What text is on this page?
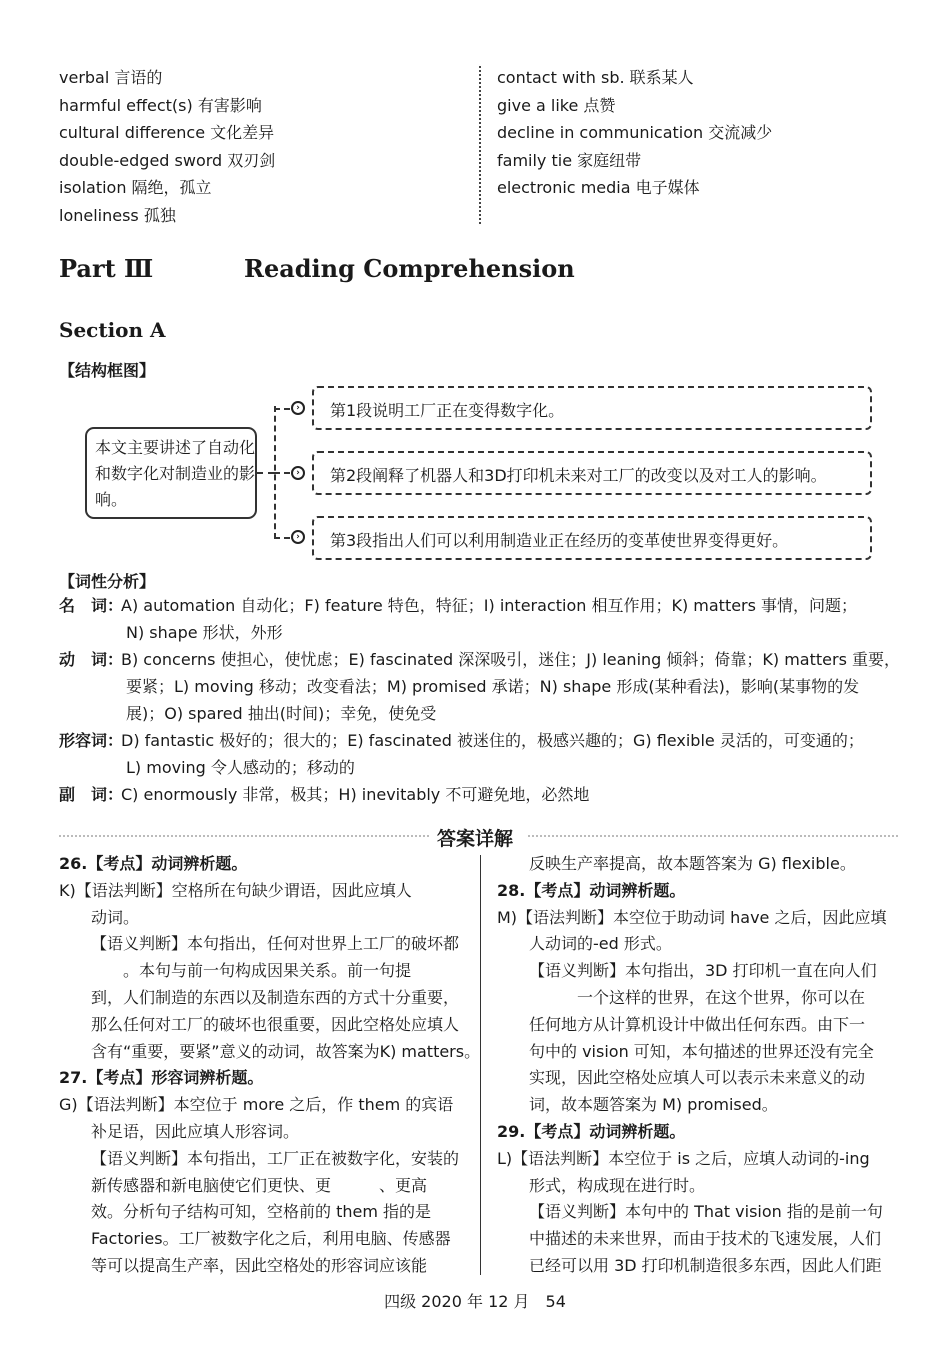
verbal 言语的
harmful effect(s) 有害影响
cultural difference 文化差异
double-edged sword 双刃剑
isolation 隔绝，孤立
loneliness 孤独
contact with sb. 联系某人
give a like 点赞
decline in communication 交流减少
family tie 家庭纽带
electronic media 电子媒体
Part Ⅲ	Reading Comprehension
Section A
【结构框图】
本文主要讲述了自动化和数字化对制造业的影响。
›
›
›
第1段说明工厂正在变得数字化。
第2段阐释了机器人和3D打印机未来对工厂的改变以及对工人的影响。
第3段指出人们可以利用制造业正在经历的变革使世界变得更好。
【词性分析】
名　词：
A) automation 自动化；F) feature 特色，特征；I) interaction 相互作用；K) matters 事情，问题；
N) shape 形状，外形
动　词：
B) concerns 使担心，使忧虑；E) fascinated 深深吸引，迷住；J) leaning 倾斜；倚靠；K) matters 重要，
要紧；L) moving 移动；改变看法；M) promised 承诺；N) shape 形成(某种看法)，影响(某事物的发
展)；O) spared 抽出(时间)；幸免，使免受
形容词：
D) fantastic 极好的；很大的；E) fascinated 被迷住的，极感兴趣的；G) flexible 灵活的，可变通的；
L) moving 令人感动的；移动的
副　词：
C) enormously 非常，极其；H) inevitably 不可避免地，必然地
答案详解
26.【考点】动词辨析题。
K)【语法判断】空格所在句缺少谓语，因此应填人
动词。
【语义判断】本句指出，任何对世界上工厂的破坏都
　　。本句与前一句构成因果关系。前一句提
到，人们制造的东西以及制造东西的方式十分重要，
那么任何对工厂的破坏也很重要，因此空格处应填人
含有“重要，要紧”意义的动词，故答案为K) matters。
27.【考点】形容词辨析题。
G)【语法判断】本空位于 more 之后，作 them 的宾语
补足语，因此应填人形容词。
【语义判断】本句指出，工厂正在被数字化，安装的
新传感器和新电脑使它们更快、更　　　、更高
效。分析句子结构可知，空格前的 them 指的是
Factories。工厂被数字化之后，利用电脑、传感器
等可以提高生产率，因此空格处的形容词应该能
反映生产率提高，故本题答案为 G) flexible。
28.【考点】动词辨析题。
M)【语法判断】本空位于助动词 have 之后，因此应填
人动词的-ed 形式。
【语义判断】本句指出，3D 打印机一直在向人们
　　　一个这样的世界，在这个世界，你可以在
任何地方从计算机设计中做出任何东西。由下一
句中的 vision 可知，本句描述的世界还没有完全
实现，因此空格处应填人可以表示未来意义的动
词，故本题答案为 M) promised。
29.【考点】动词辨析题。
L)【语法判断】本空位于 is 之后，应填人动词的-ing
形式，构成现在进行时。
【语义判断】本句中的 That vision 指的是前一句
中描述的未来世界，而由于技术的飞速发展，人们
已经可以用 3D 打印机制造很多东西，因此人们距
四级 2020 年 12 月　54
